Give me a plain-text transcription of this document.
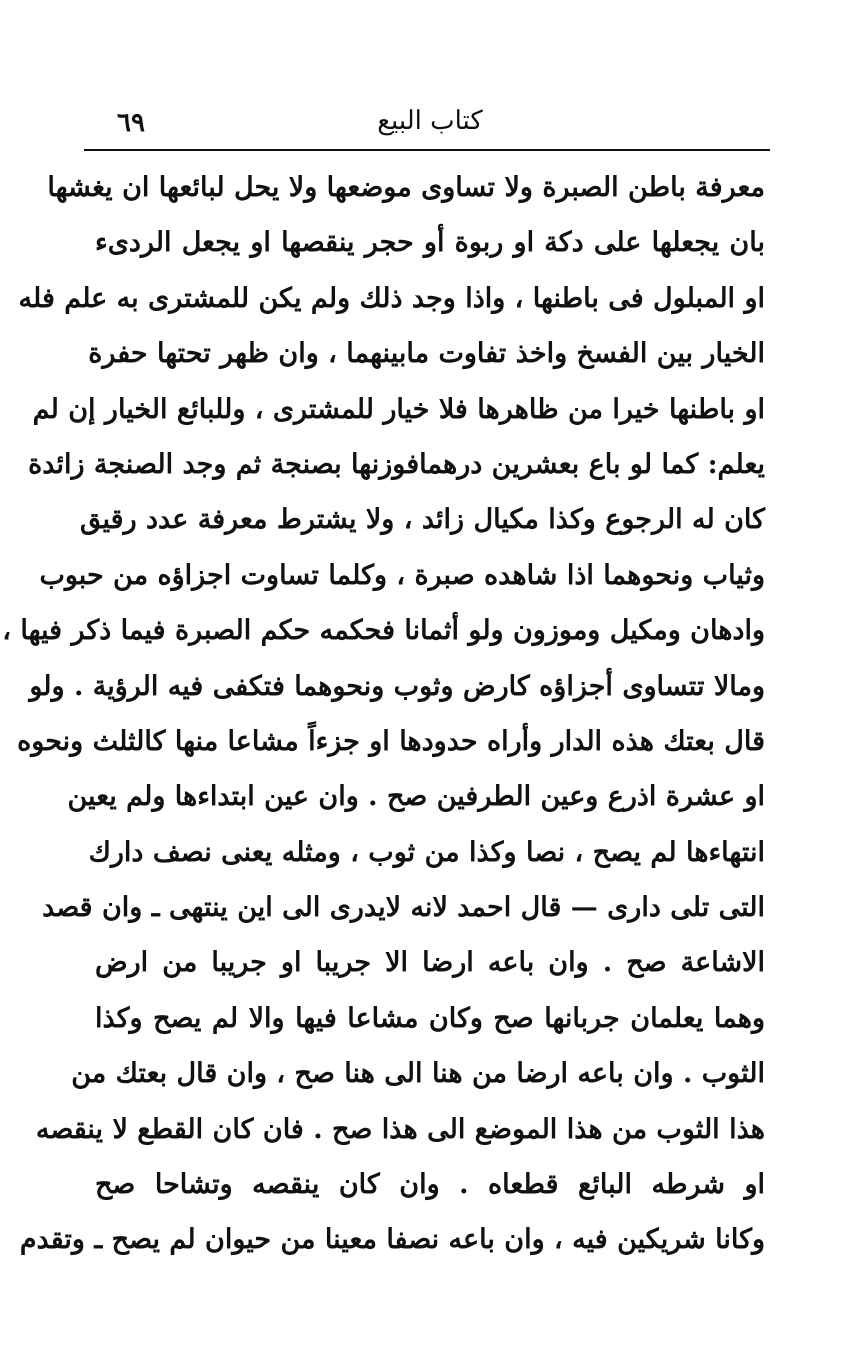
٦٩	كتاب البيع
معرفة باطن الصبرة ولا تساوى موضعها ولا يحل لبائعها ان يغشها
بان يجعلها على دكة او ربوة أو حجر ينقصها او يجعل الردىء
او المبلول فى باطنها ، واذا وجد ذلك ولم يكن للمشترى به علم فله
الخيار بين الفسخ واخذ تفاوت مابينهما ، وان ظهر تحتها حفرة
او باطنها خيرا من ظاهرها فلا خيار للمشترى ، وللبائع الخيار إن لم
يعلم: كما لو باع بعشرين درهمافوزنها بصنجة ثم وجد الصنجة زائدة
كان له الرجوع وكذا مكيال زائد ، ولا يشترط معرفة عدد رقيق
وثياب ونحوهما اذا شاهده صبرة ، وكلما تساوت اجزاؤه من حبوب
وادهان ومكيل وموزون ولو أثمانا فحكمه حكم الصبرة فيما ذكر فيها ،
ومالا تتساوى أجزاؤه كارض وثوب ونحوهما فتكفى فيه الرؤية . ولو
قال بعتك هذه الدار وأراه حدودها او جزءاً مشاعا منها كالثلث ونحوه
او عشرة اذرع وعين الطرفين صح . وان عين ابتداءها ولم يعين
انتهاءها لم يصح ، نصا وكذا من ثوب ، ومثله يعنى نصف دارك
التى تلى دارى — قال احمد لانه لايدرى الى اين ينتهى ـ وان قصد
الاشاعة صح . وان باعه ارضا الا جريبا او جريبا من ارض
وهما يعلمان جربانها صح وكان مشاعا فيها والا لم يصح وكذا
الثوب . وان باعه ارضا من هنا الى هنا صح ، وان قال بعتك من
هذا الثوب من هذا الموضع الى هذا صح . فان كان القطع لا ينقصه
او شرطه البائع قطعاه . وان كان ينقصه وتشاحا صح
وكانا شريكين فيه ، وان باعه نصفا معينا من حيوان لم يصح ـ وتقدم
